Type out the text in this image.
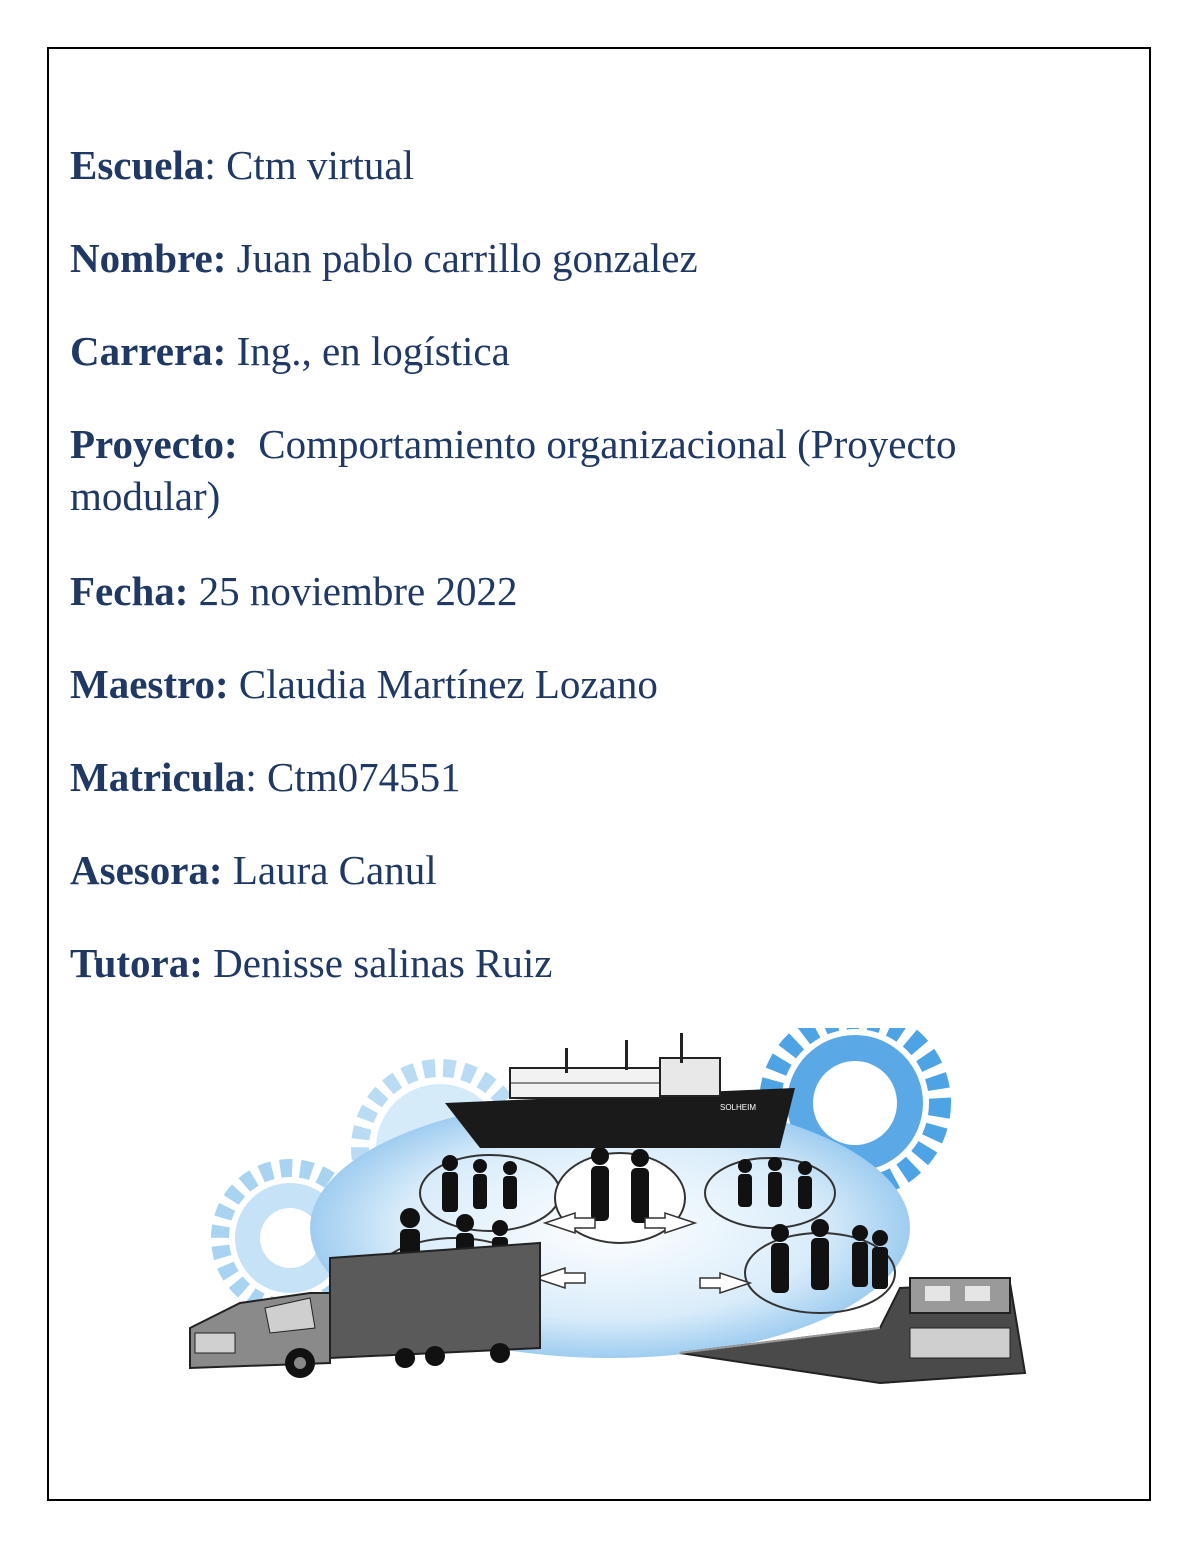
Escuela: Ctm virtual
Nombre: Juan pablo carrillo gonzalez
Carrera: Ing., en logística
Proyecto: Comportamiento organizacional (Proyecto modular)
Fecha: 25 noviembre 2022
Maestro: Claudia Martínez Lozano
Matricula: Ctm074551
Asesora: Laura Canul
Tutora: Denisse salinas Ruiz
SOLHEIM
